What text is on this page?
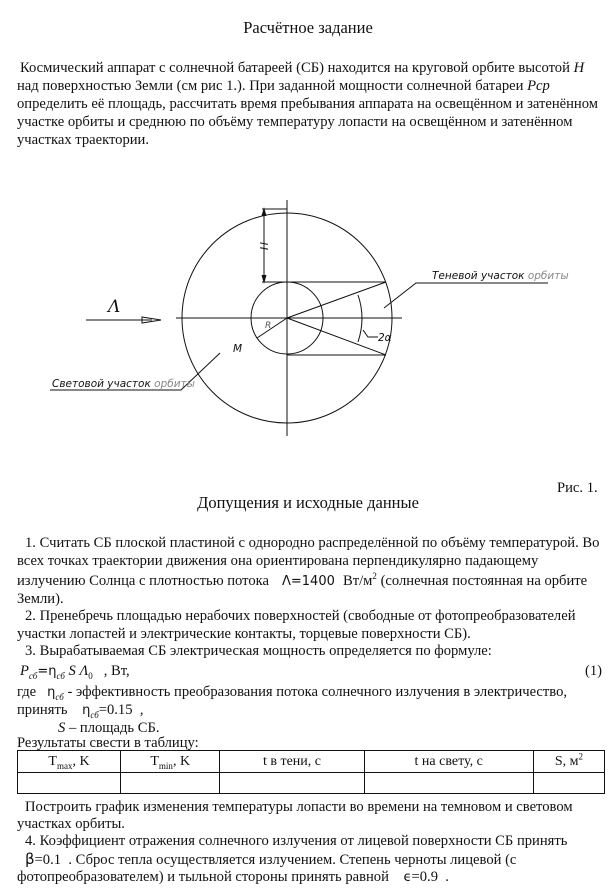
Расчётное задание
Космический аппарат с солнечной батареей (СБ) находится на круговой орбите высотой H
над поверхностью Земли (см рис 1.). При заданной мощности солнечной батареи Pср
определить её площадь, рассчитать время пребывания аппарата на освещённом и затенённом
участке орбиты и среднюю по объёму температуру лопасти на освещённом и затенённом
участках траектории.
H
Λ
R
M
2α
Теневой участок орбиты
Световой участок орбиты
Рис. 1.
Допущения и исходные данные
1. Считать СБ плоской пластиной с однородно распределённой по объёму температурой. Во
всех точках траектории движения она ориентирована перпендикулярно падающему
излучению Солнца с плотностью потока Λ=1400 $Вт/м^2$ (солнечная постоянная на орбите
Земли).
2. Пренебречь площадью нерабочих поверхностей (свободные от фотопреобразователей
участки лопастей и электрические контакты, торцевые поверхности СБ).
3. Вырабатываемая СБ электрическая мощность определяется по формуле:
$P_{сб}=\eta_{сб}$ S $\Lambda_0$ , Вт,	(1)
где $\eta_{сб}$ - эффективность преобразования потока солнечного излучения в электричество,
принять $\eta_{сб}=0.15$ ,
S – площадь СБ.
Результаты свести в таблицу:
$T_{max}$, K	$T_{min}$, K	t в тени, с	t на свету, с	S, $м^2$

Построить график изменения температуры лопасти во времени на темновом и световом
участках орбиты.
4. Коэффициент отражения солнечного излучения от лицевой поверхности СБ принять
β=0.1 . Сброс тепла осуществляется излучением. Степень черноты лицевой (с
фотопреобразователем) и тыльной стороны принять равной ϵ=0.9 .
